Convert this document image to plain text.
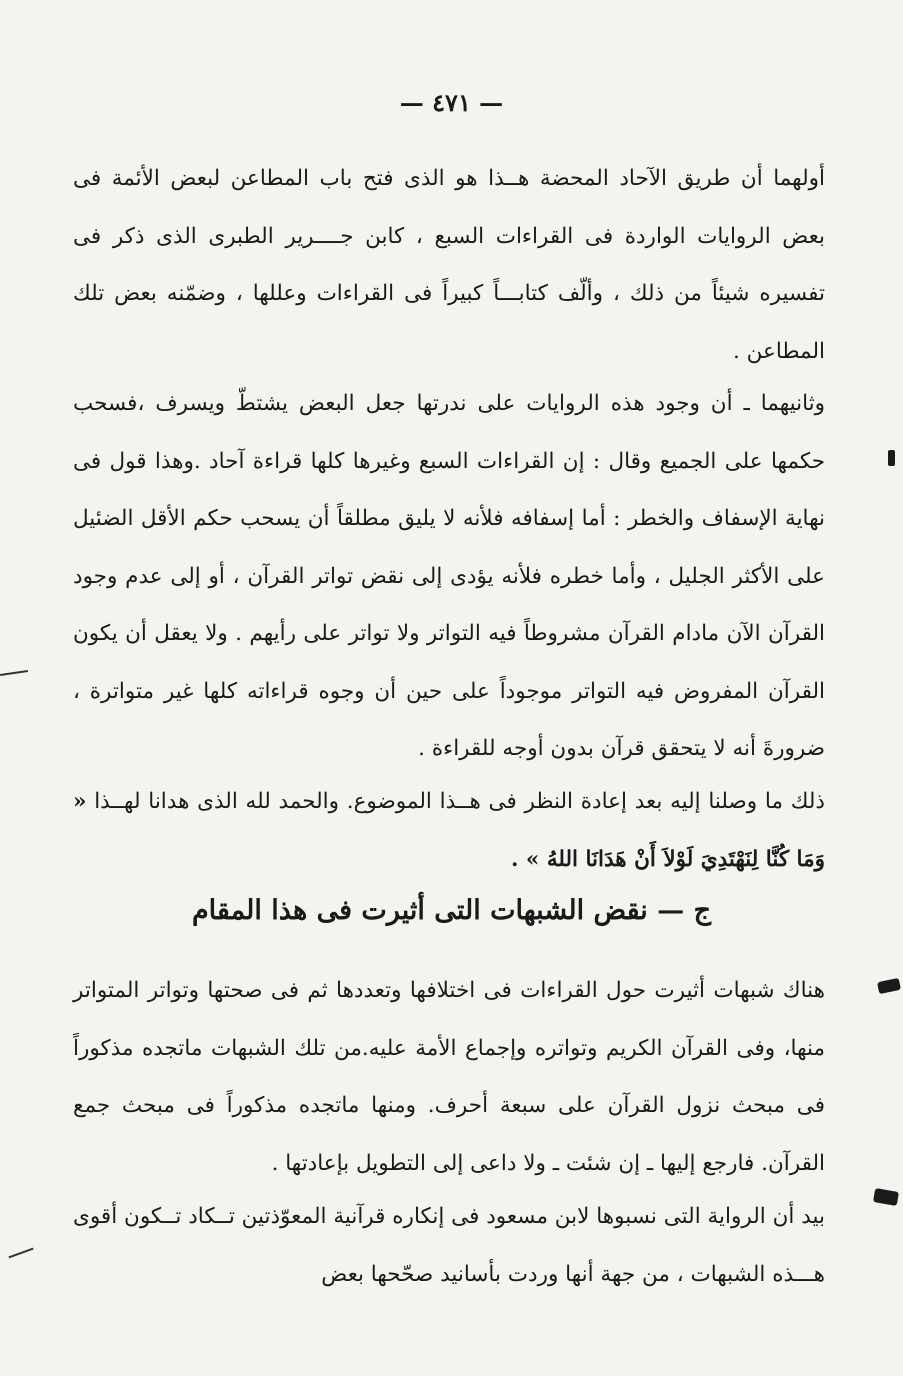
— ٤٧١ —

أولهما أن طريق الآحاد المحضة هــذا هو الذى فتح باب المطاعن لبعض الأئمة فى بعض الروايات الواردة فى القراءات السبع ، كابن جــــرير الطبرى الذى ذكر فى تفسيره شيئاً من ذلك ، وألّف كتابـــاً كبيراً فى القراءات وعللها ، وضمّنه بعض تلك المطاعن .

وثانيهما ـ أن وجود هذه الروايات على ندرتها جعل البعض يشتطّ ويسرف ،فسحب حكمها على الجميع وقال : إن القراءات السبع وغيرها كلها قراءة آحاد .وهذا قول فى نهاية الإسفاف والخطر : أما إسفافه فلأنه لا يليق مطلقاً أن يسحب حكم الأقل الضئيل على الأكثر الجليل ، وأما خطره فلأنه يؤدى إلى نقض تواتر القرآن ، أو إلى عدم وجود القرآن الآن مادام القرآن مشروطاً فيه التواتر ولا تواتر على رأيهم . ولا يعقل أن يكون القرآن المفروض فيه التواتر موجوداً على حين أن وجوه قراءاته كلها غير متواترة ، ضرورةَ أنه لا يتحقق قرآن بدون أوجه للقراءة .

ذلك ما وصلنا إليه بعد إعادة النظر فى هــذا الموضوع. والحمد لله الذى هدانا لهــذا « وَمَا كُنَّا لِنَهْتَدِيَ لَوْلاَ أَنْ هَدَانَا اللهُ » .

ج — نقض الشبهات التى أثيرت فى هذا المقام

هناك شبهات أثيرت حول القراءات فى اختلافها وتعددها ثم فى صحتها وتواتر المتواتر منها، وفى القرآن الكريم وتواتره وإجماع الأمة عليه.من تلك الشبهات ماتجده مذكوراً فى مبحث نزول القرآن على سبعة أحرف. ومنها ماتجده مذكوراً فى مبحث جمع القرآن. فارجع إليها ـ إن شئت ـ ولا داعى إلى التطويل بإعادتها .

بيد أن الرواية التى نسبوها لابن مسعود فى إنكاره قرآنية المعوّذتين تــكاد تــكون أقوى هـــذه الشبهات ، من جهة أنها وردت بأسانيد صحّحها بعض
